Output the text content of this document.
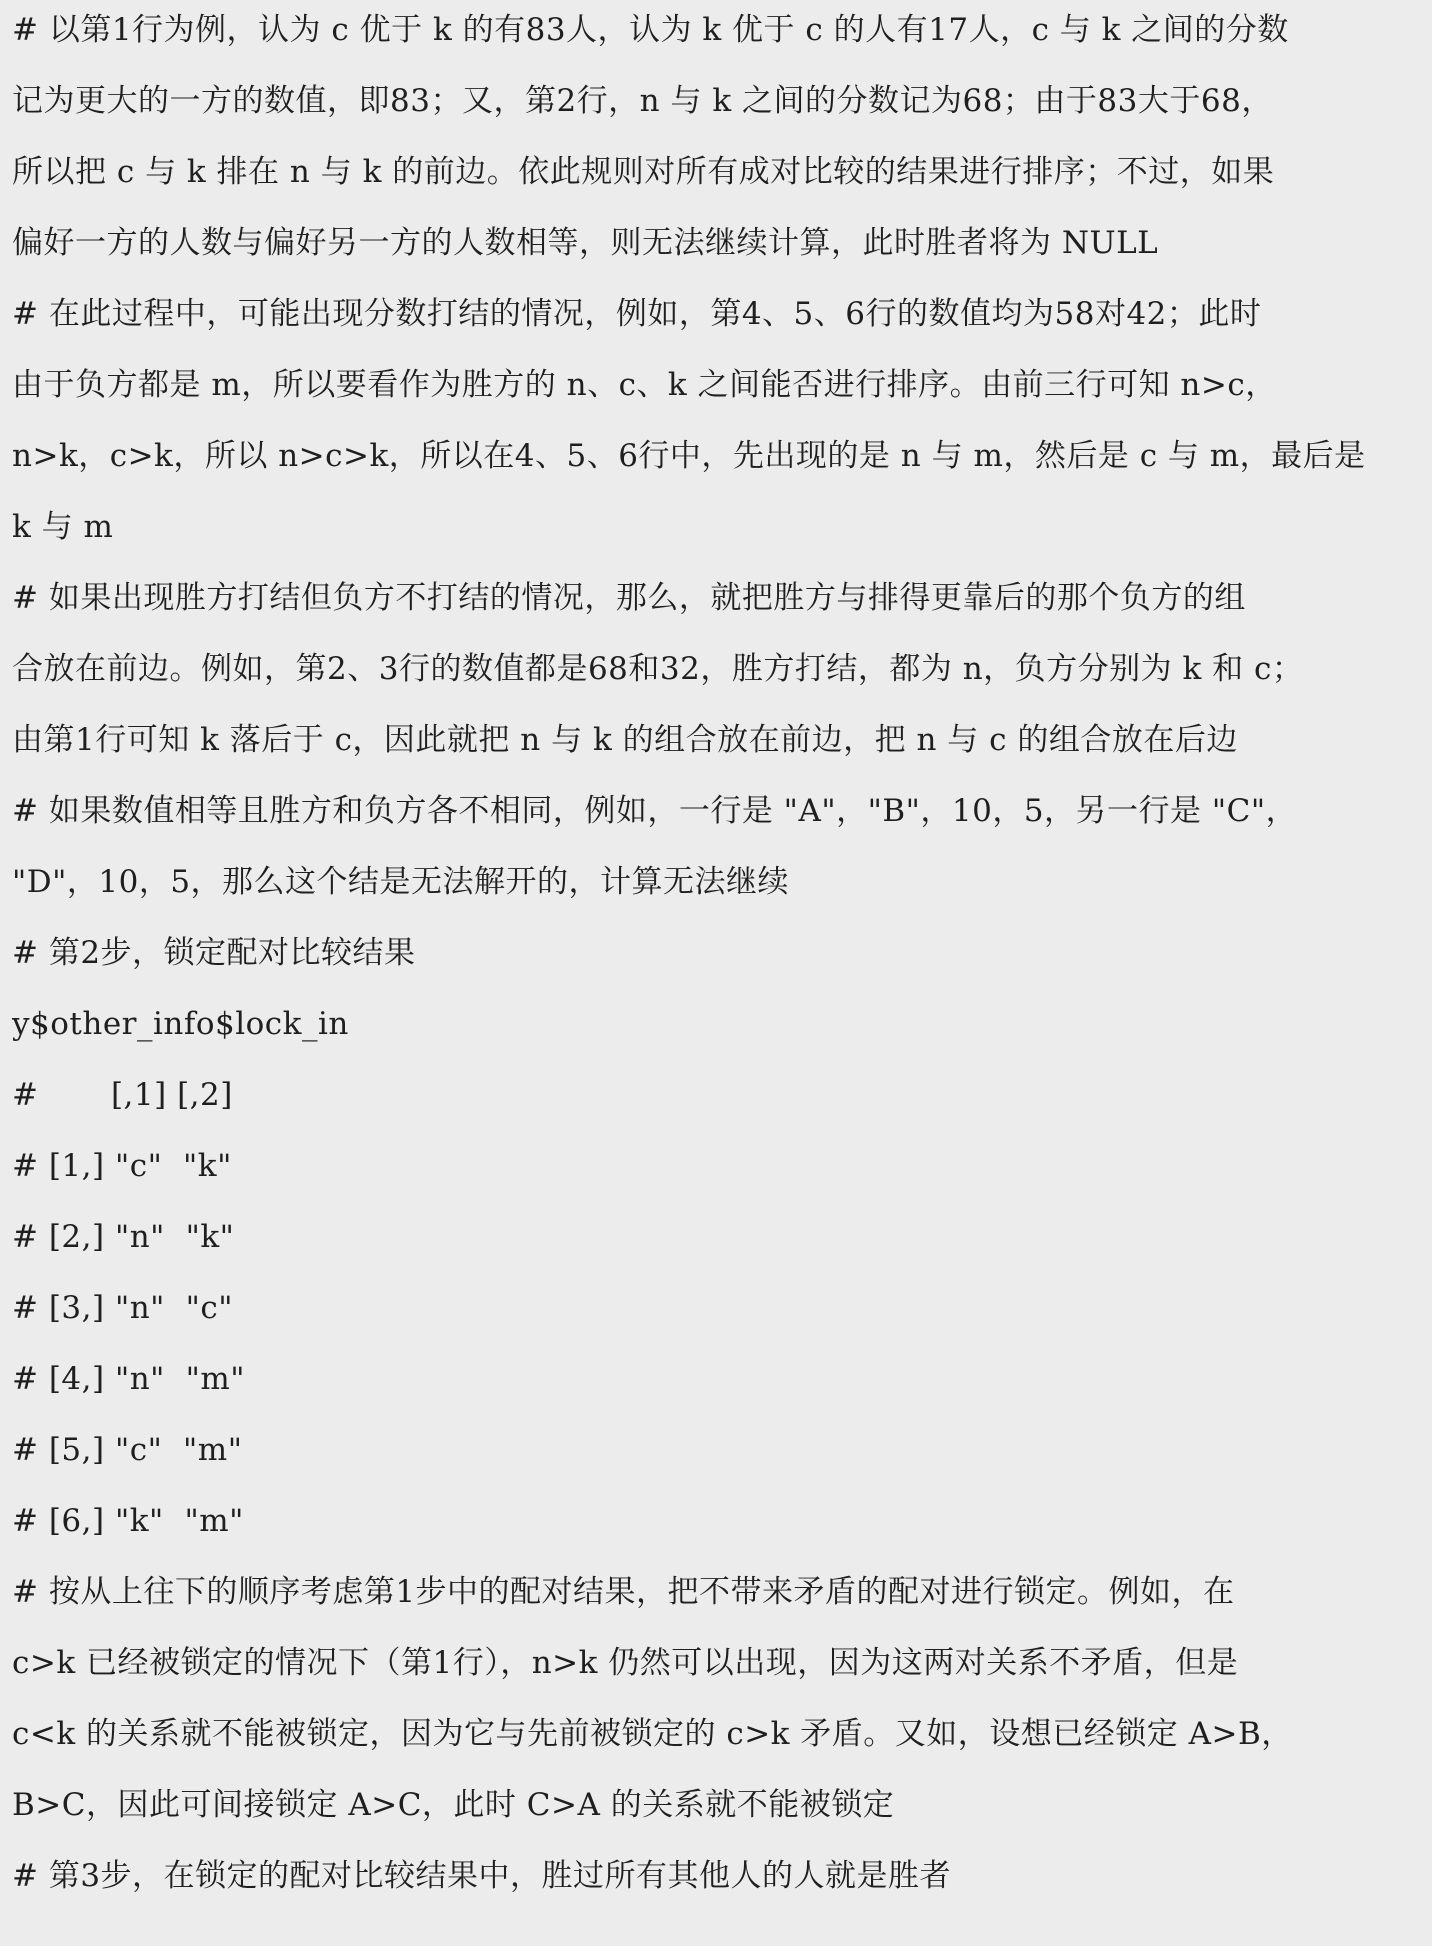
# 以第1行为例，认为 c 优于 k 的有83人，认为 k 优于 c 的人有17人，c 与 k 之间的分数
记为更大的一方的数值，即83；又，第2行，n 与 k 之间的分数记为68；由于83大于68，
所以把 c 与 k 排在 n 与 k 的前边。依此规则对所有成对比较的结果进行排序；不过，如果
偏好一方的人数与偏好另一方的人数相等，则无法继续计算，此时胜者将为 NULL
# 在此过程中，可能出现分数打结的情况，例如，第4、5、6行的数值均为58对42；此时
由于负方都是 m，所以要看作为胜方的 n、c、k 之间能否进行排序。由前三行可知 n>c，
n>k，c>k，所以 n>c>k，所以在4、5、6行中，先出现的是 n 与 m，然后是 c 与 m，最后是
k 与 m
# 如果出现胜方打结但负方不打结的情况，那么，就把胜方与排得更靠后的那个负方的组
合放在前边。例如，第2、3行的数值都是68和32，胜方打结，都为 n，负方分别为 k 和 c；
由第1行可知 k 落后于 c，因此就把 n 与 k 的组合放在前边，把 n 与 c 的组合放在后边
# 如果数值相等且胜方和负方各不相同，例如，一行是 "A"，"B"，10，5，另一行是 "C"，
"D"，10，5，那么这个结是无法解开的，计算无法继续
# 第2步，锁定配对比较结果
y$other_info$lock_in
#       [,1] [,2]
# [1,] "c"  "k"
# [2,] "n"  "k"
# [3,] "n"  "c"
# [4,] "n"  "m"
# [5,] "c"  "m"
# [6,] "k"  "m"
# 按从上往下的顺序考虑第1步中的配对结果，把不带来矛盾的配对进行锁定。例如，在
c>k 已经被锁定的情况下（第1行），n>k 仍然可以出现，因为这两对关系不矛盾，但是
c<k 的关系就不能被锁定，因为它与先前被锁定的 c>k 矛盾。又如，设想已经锁定 A>B，
B>C，因此可间接锁定 A>C，此时 C>A 的关系就不能被锁定
# 第3步，在锁定的配对比较结果中，胜过所有其他人的人就是胜者
